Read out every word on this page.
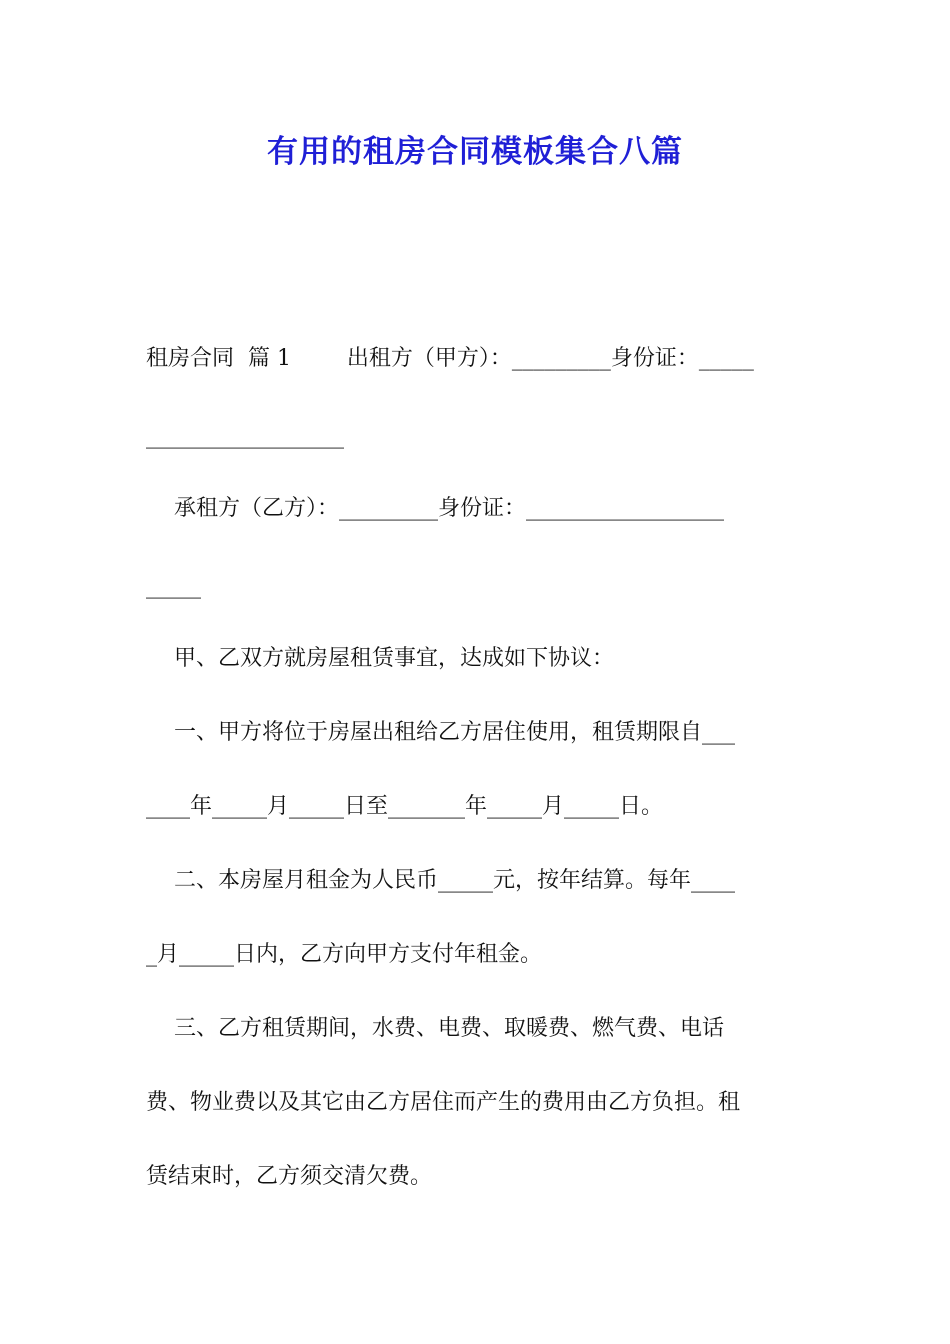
有用的租房合同模板集合八篇
租房合同  篇 1        出租方（甲方）：_________身份证：_____
__________________
承租方（乙方）：_________身份证：__________________
_____
甲、乙双方就房屋租赁事宜，达成如下协议：
一、甲方将位于房屋出租给乙方居住使用，租赁期限自___
____年_____月_____日至_______年_____月_____日。
二、本房屋月租金为人民币_____元，按年结算。每年____
_月_____日内，乙方向甲方支付年租金。
三、乙方租赁期间，水费、电费、取暖费、燃气费、电话
费、物业费以及其它由乙方居住而产生的费用由乙方负担。租
赁结束时，乙方须交清欠费。
